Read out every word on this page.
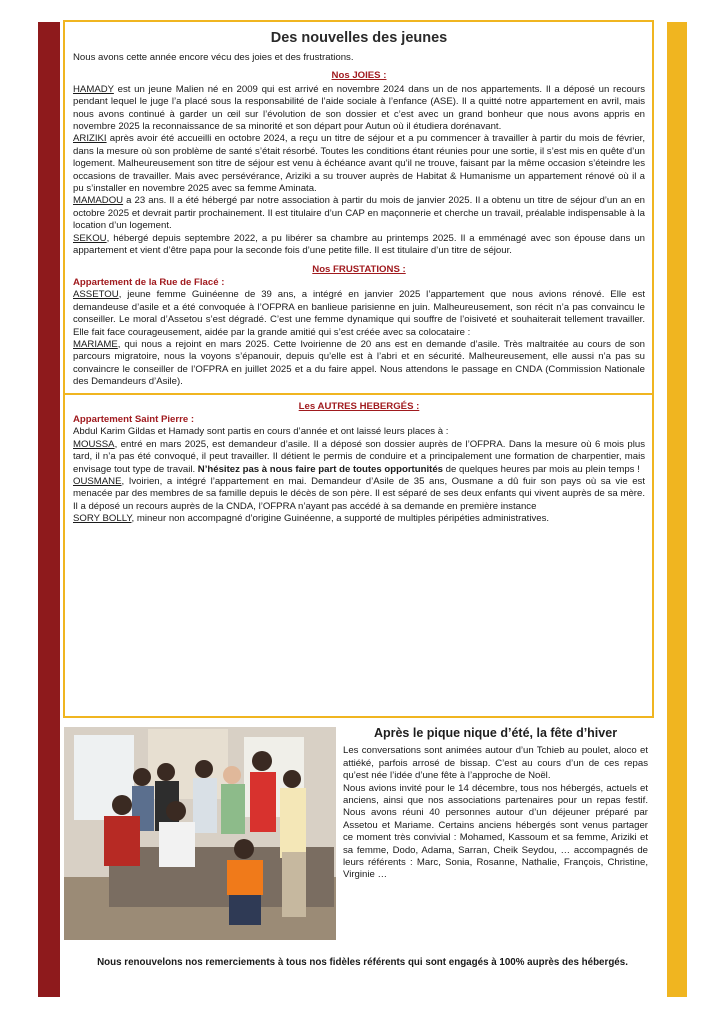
Des nouvelles des jeunes

Nous avons cette année encore vécu des joies et des frustrations.

Nos JOIES :

HAMADY est un jeune Malien né en 2009 qui est arrivé en novembre 2024 dans un de nos appartements. Il a déposé un recours pendant lequel le juge l’a placé sous la responsabilité de l’aide sociale à l’enfance (ASE). Il a quitté notre appartement en avril, mais nous avons continué à garder un œil sur l’évolution de son dossier et c’est avec un grand bonheur que nous avons appris en novembre 2025 la reconnaissance de sa minorité et son départ pour Autun où il étudiera dorénavant.

ARIZIKI après avoir été accueilli en octobre 2024, a reçu un titre de séjour et a pu commencer à travailler à partir du mois de février, dans la mesure où son problème de santé s’était résorbé. Toutes les conditions étant réunies pour une sortie, il s’est mis en quête d’un logement. Malheureusement son titre de séjour est venu à échéance avant qu’il ne trouve, faisant par la même occasion s’éteindre les occasions de travailler. Mais avec persévérance, Ariziki a su trouver auprès de Habitat & Humanisme un appartement rénové où il a pu s’installer en novembre 2025 avec sa femme Aminata.

MAMADOU a 23 ans. Il a été hébergé par notre association à partir du mois de janvier 2025. Il a obtenu un titre de séjour d’un an en octobre 2025 et devrait partir prochainement. Il est titulaire d’un CAP en maçonnerie et cherche un travail, préalable indispensable à la location d’un logement.

SEKOU, hébergé depuis septembre 2022, a pu libérer sa chambre au printemps 2025. Il a emménagé avec son épouse dans un appartement et vient d’être papa pour la seconde fois d’une petite fille. Il est titulaire d’un titre de séjour.

Nos FRUSTATIONS :

Appartement de la Rue de Flacé :

ASSETOU, jeune femme Guinéenne de 39 ans, a intégré en janvier 2025 l’appartement que nous avions rénové. Elle est demandeuse d’asile et a été convoquée à l’OFPRA en banlieue parisienne en juin. Malheureusement, son récit n’a pas convaincu le conseiller. Le moral d’Assetou s’est dégradé. C’est une femme dynamique qui souffre de l’oisiveté et souhaiterait tellement travailler. Elle fait face courageusement, aidée par la grande amitié qui s’est créée avec sa colocataire :

MARIAME, qui nous a rejoint en mars 2025. Cette Ivoirienne de 20 ans est en demande d’asile. Très maltraitée au cours de son parcours migratoire, nous la voyons s’épanouir, depuis qu’elle est à l’abri et en sécurité. Malheureusement, elle aussi n’a pas su convaincre le conseiller de l’OFPRA en juillet 2025 et a du faire appel. Nous attendons le passage en CNDA (Commission Nationale des Demandeurs d’Asile).

Les AUTRES HEBERGÉS :

Appartement Saint Pierre :

Abdul Karim Gildas et Hamady sont partis en cours d’année et ont laissé leurs places à :

MOUSSA, entré en mars 2025, est demandeur d’asile. Il a déposé son dossier auprès de l’OFPRA. Dans la mesure où 6 mois plus tard, il n’a pas été convoqué, il peut travailler. Il détient le permis de conduire et a principalement une formation de charpentier, mais envisage tout type de travail. N’hésitez pas à nous faire part de toutes opportunités de quelques heures par mois au plein temps !

OUSMANE, Ivoirien, a intégré l’appartement en mai. Demandeur d’Asile de 35 ans, Ousmane a dû fuir son pays où sa vie est menacée par des membres de sa famille depuis le décès de son père. Il est séparé de ses deux enfants qui vivent auprès de sa mère. Il a déposé un recours auprès de la CNDA, l’OFPRA n’ayant pas accédé à sa demande en première instance

SORY BOLLY, mineur non accompagné d’origine Guinéenne, a supporté de multiples péripéties administratives.

Après le pique nique d’été, la fête d’hiver

Les conversations sont animées autour d’un Tchieb au poulet, aloco et attiéké, parfois arrosé de bissap. C’est au cours d’un de ces repas qu’est née l’idée d’une fête à l’approche de Noël.

Nous avions invité pour le 14 décembre, tous nos hébergés, actuels et anciens, ainsi que nos associations partenaires pour un repas festif. Nous avons réuni 40 personnes autour d’un déjeuner préparé par Assetou et Mariame. Certains anciens hébergés sont venus partager ce moment très convivial : Mohamed, Kassoum et sa femme, Ariziki et sa femme, Dodo, Adama, Sarran, Cheik Seydou, … accompagnés de leurs référents : Marc, Sonia, Rosanne, Nathalie, François, Christine, Virginie …

Nous renouvelons nos remerciements à tous nos fidèles référents qui sont engagés à 100% auprès des hébergés.
